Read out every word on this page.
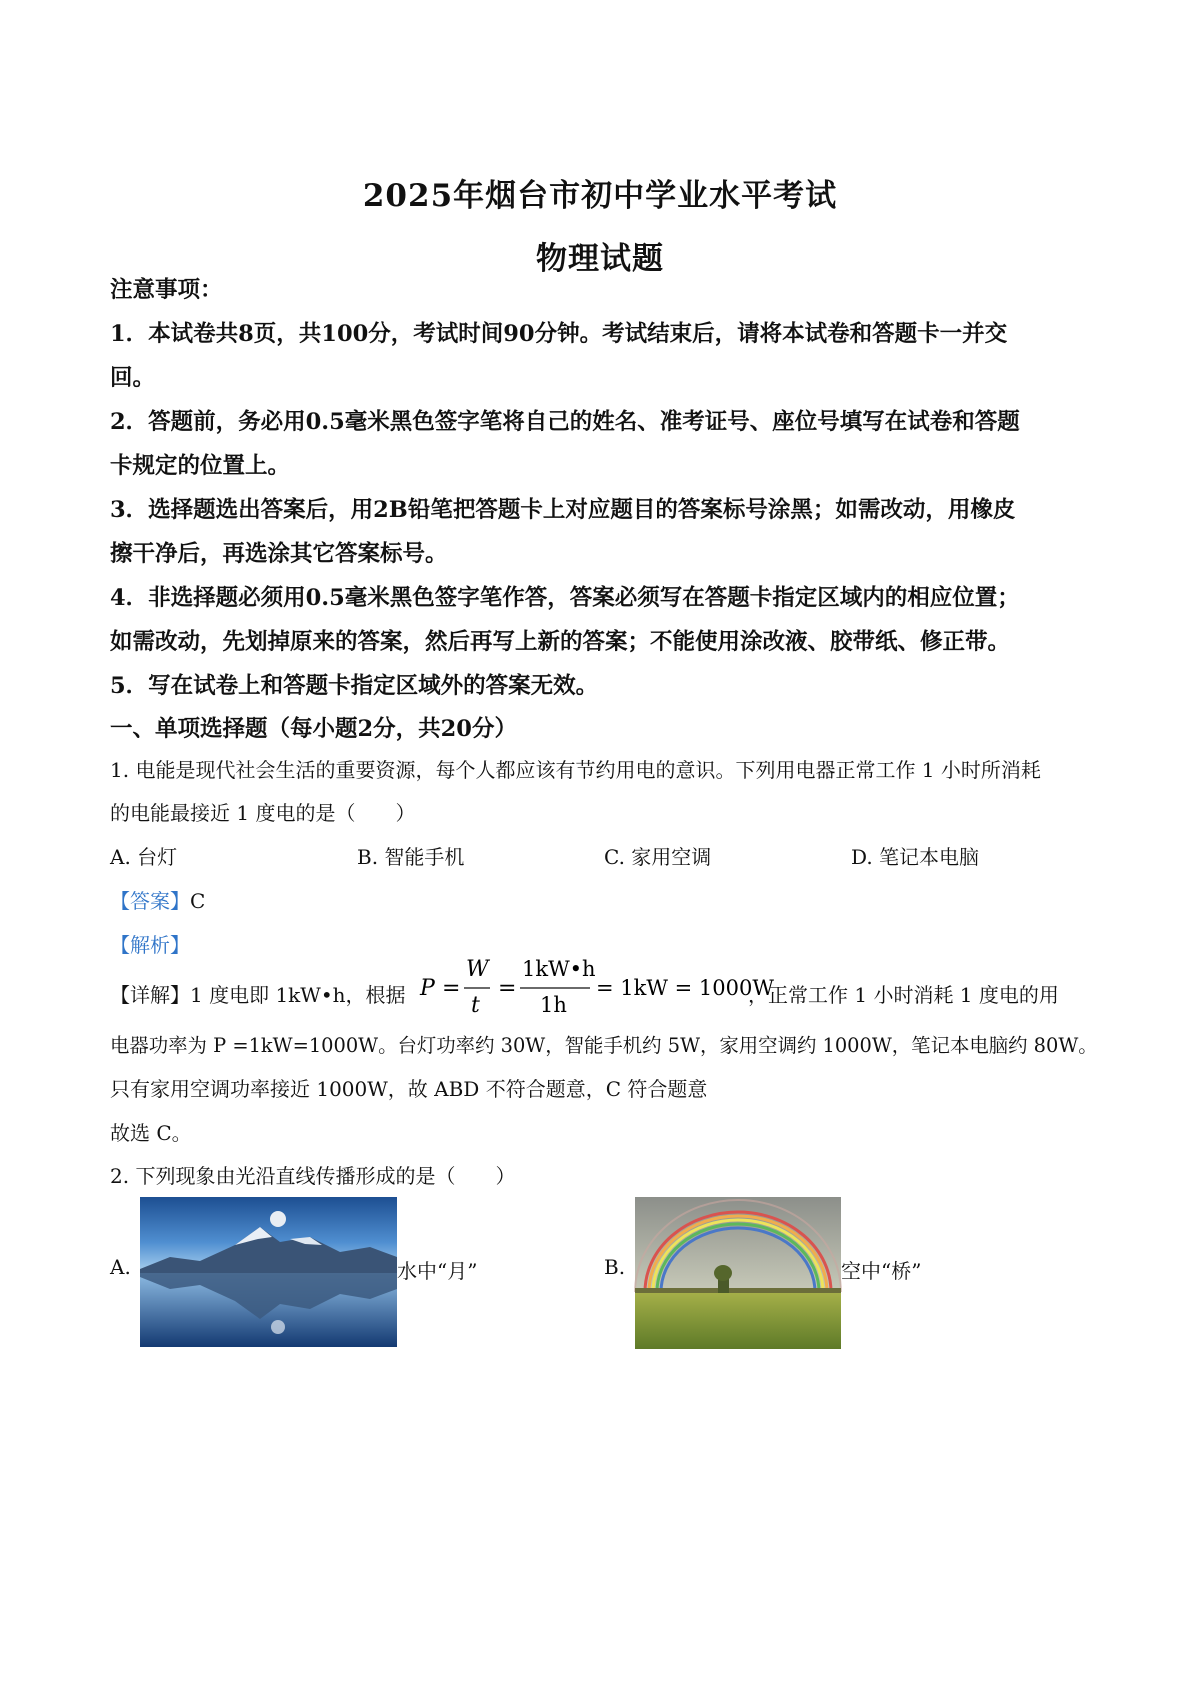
2025年烟台市初中学业水平考试
物理试题
注意事项：
1．本试卷共8页，共100分，考试时间90分钟。考试结束后，请将本试卷和答题卡一并交
回。
2．答题前，务必用0.5毫米黑色签字笔将自己的姓名、准考证号、座位号填写在试卷和答题
卡规定的位置上。
3．选择题选出答案后，用2B铅笔把答题卡上对应题目的答案标号涂黑；如需改动，用橡皮
擦干净后，再选涂其它答案标号。
4．非选择题必须用0.5毫米黑色签字笔作答，答案必须写在答题卡指定区域内的相应位置；
如需改动，先划掉原来的答案，然后再写上新的答案；不能使用涂改液、胶带纸、修正带。
5．写在试卷上和答题卡指定区域外的答案无效。
一、单项选择题（每小题2分，共20分）
1. 电能是现代社会生活的重要资源，每个人都应该有节约用电的意识。下列用电器正常工作 1 小时所消耗
的电能最接近 1 度电的是（　　）
A. 台灯	B. 智能手机	C. 家用空调	D. 笔记本电脑
【答案】C
【解析】
【详解】1 度电即 1kW•h，根据 P =
W
t
=
1kW•h
1h
= 1kW = 1000W
，正常工作 1 小时消耗 1 度电的用
电器功率为 P =1kW=1000W。台灯功率约 30W，智能手机约 5W，家用空调约 1000W，笔记本电脑约 80W。
只有家用空调功率接近 1000W，故 ABD 不符合题意，C 符合题意
故选 C。
2. 下列现象由光沿直线传播形成的是（　　）
A.	水中“月”	B.	空中“桥”
